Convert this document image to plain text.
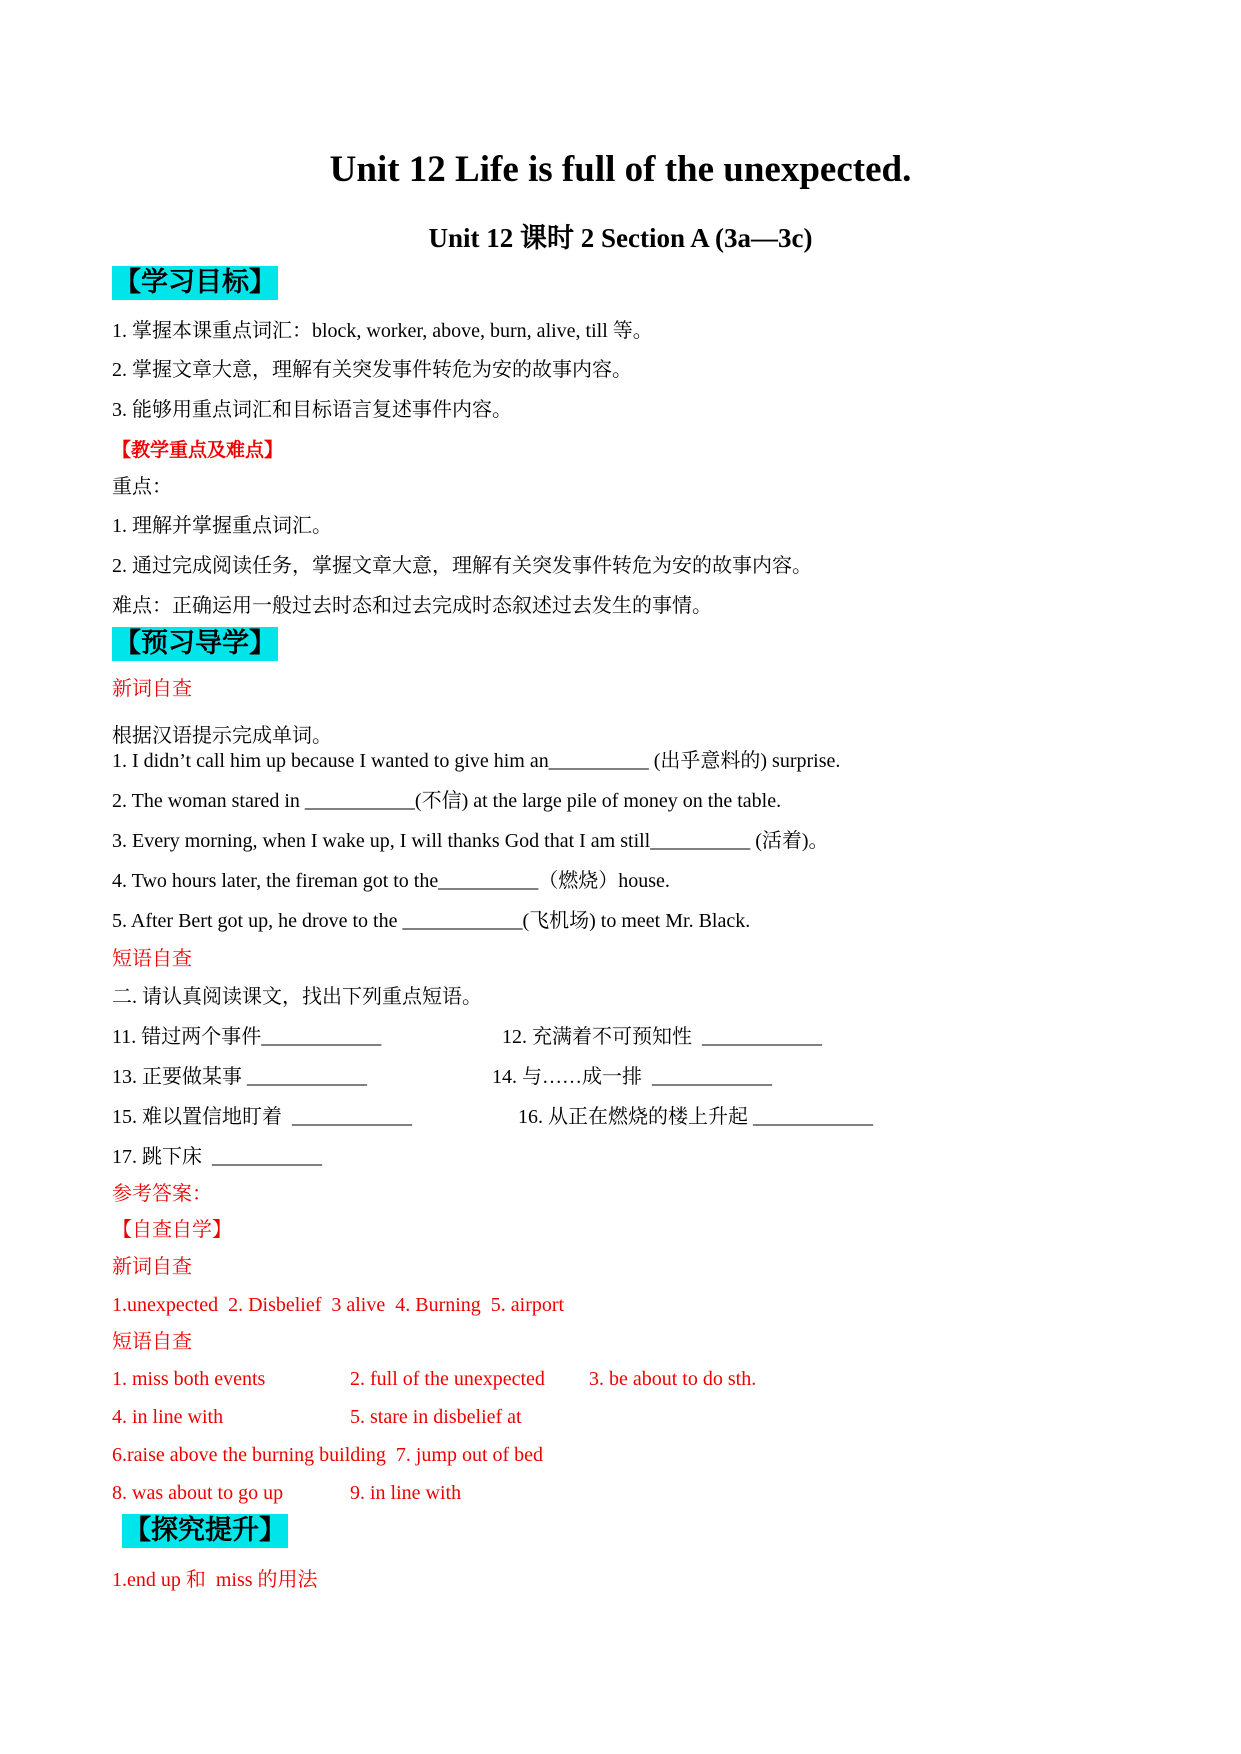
Unit 12 Life is full of the unexpected.
Unit 12 课时 2 Section A (3a—3c)
【学习目标】
1. 掌握本课重点词汇：block, worker, above, burn, alive, till 等。
2. 掌握文章大意，理解有关突发事件转危为安的故事内容。
3. 能够用重点词汇和目标语言复述事件内容。
【教学重点及难点】
重点：
1. 理解并掌握重点词汇。
2. 通过完成阅读任务，掌握文章大意，理解有关突发事件转危为安的故事内容。
难点：正确运用一般过去时态和过去完成时态叙述过去发生的事情。
【预习导学】
新词自查
根据汉语提示完成单词。
1. I didn’t call him up because I wanted to give him an__________ (出乎意料的) surprise.
2. The woman stared in ___________(不信) at the large pile of money on the table.
3. Every morning, when I wake up, I will thanks God that I am still__________ (活着)。
4. Two hours later, the fireman got to the__________（燃烧）house.
5. After Bert got up, he drove to the ____________(飞机场) to meet Mr. Black.
短语自查
二. 请认真阅读课文，找出下列重点短语。
11. 错过两个事件____________	12. 充满着不可预知性  ____________
13. 正要做某事 ____________	14. 与……成一排  ____________
15. 难以置信地盯着  ____________	16. 从正在燃烧的楼上升起 ____________
17. 跳下床  ___________
参考答案：
【自查自学】
新词自查
1.unexpected  2. Disbelief  3 alive  4. Burning  5. airport
短语自查
1. miss both events	2. full of the unexpected 3. be about to do sth.
4. in line with	5. stare in disbelief at
6.raise above the burning building  7. jump out of bed
8. was about to go up	9. in line with
【探究提升】
1.end up 和  miss 的用法
